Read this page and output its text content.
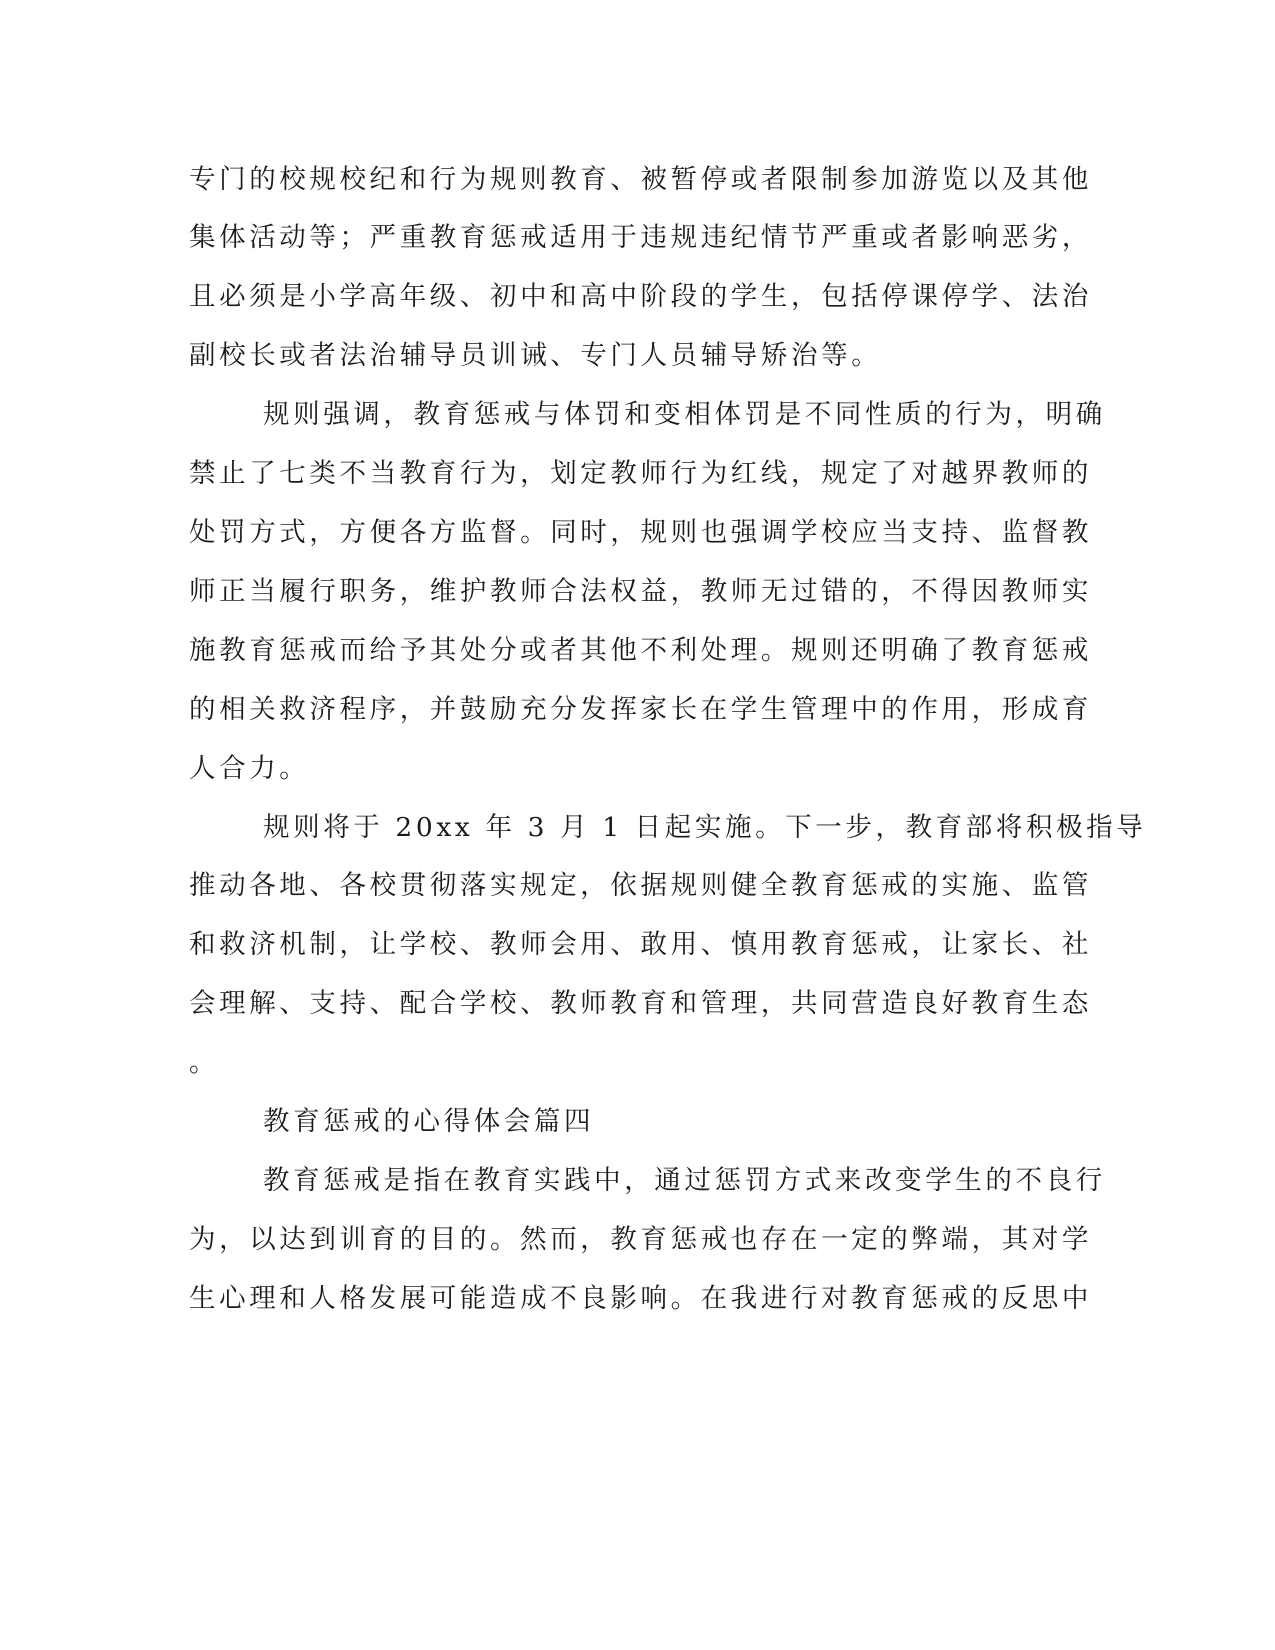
专门的校规校纪和行为规则教育、被暂停或者限制参加游览以及其他
集体活动等；严重教育惩戒适用于违规违纪情节严重或者影响恶劣，
且必须是小学高年级、初中和高中阶段的学生，包括停课停学、法治
副校长或者法治辅导员训诫、专门人员辅导矫治等。
规则强调，教育惩戒与体罚和变相体罚是不同性质的行为，明确
禁止了七类不当教育行为，划定教师行为红线，规定了对越界教师的
处罚方式，方便各方监督。同时，规则也强调学校应当支持、监督教
师正当履行职务，维护教师合法权益，教师无过错的，不得因教师实
施教育惩戒而给予其处分或者其他不利处理。规则还明确了教育惩戒
的相关救济程序，并鼓励充分发挥家长在学生管理中的作用，形成育
人合力。
规则将于 20xx 年 3 月 1 日起实施。下一步，教育部将积极指导
推动各地、各校贯彻落实规定，依据规则健全教育惩戒的实施、监管
和救济机制，让学校、教师会用、敢用、慎用教育惩戒，让家长、社
会理解、支持、配合学校、教师教育和管理，共同营造良好教育生态
。
教育惩戒的心得体会篇四
教育惩戒是指在教育实践中，通过惩罚方式来改变学生的不良行
为，以达到训育的目的。然而，教育惩戒也存在一定的弊端，其对学
生心理和人格发展可能造成不良影响。在我进行对教育惩戒的反思中
